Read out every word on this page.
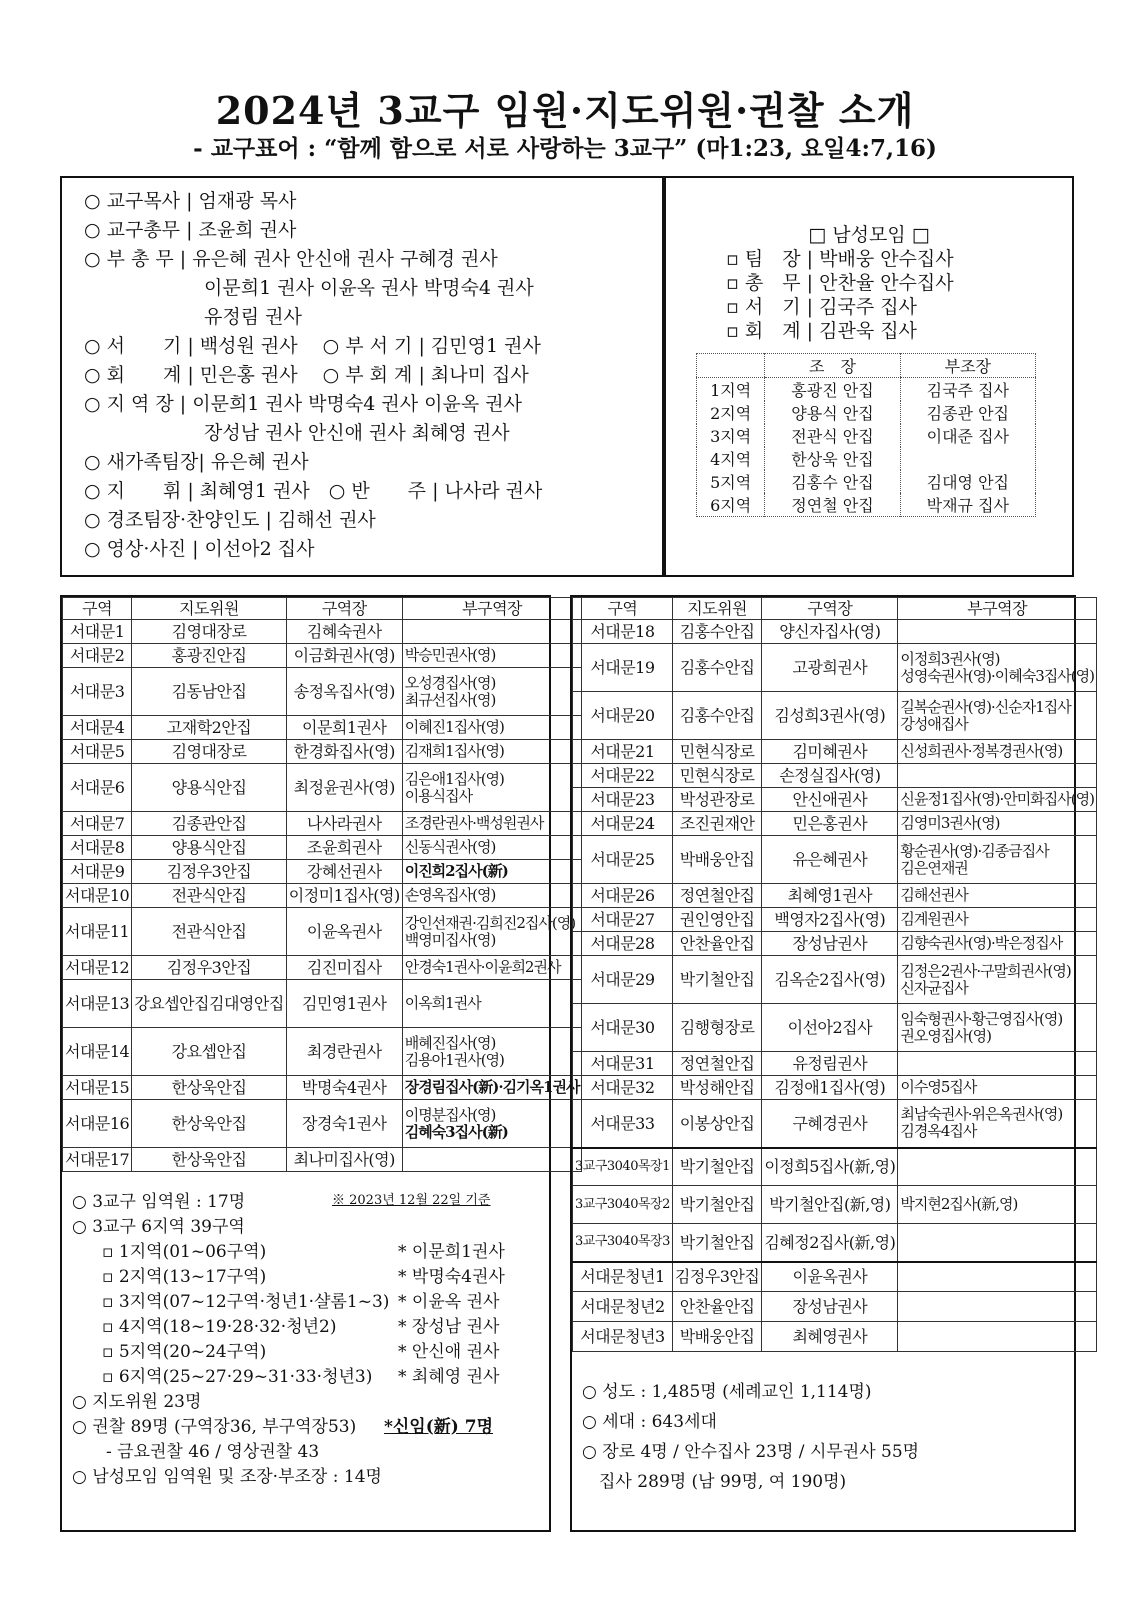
2024년 3교구 임원·지도위원·권찰 소개
- 교구표어 : “함께 함으로 서로 사랑하는 3교구” (마1:23, 요일4:7,16)
○ 교구목사 | 엄재광 목사
○ 교구총무 | 조윤희 권사
○ 부 총 무 | 유은혜 권사 안신애 권사 구혜경 권사
　　　　　　 이문희1 권사 이윤옥 권사 박명숙4 권사
　　　　　　 유정림 권사
○ 서　　기 | 백성원 권사　 ○ 부 서 기 | 김민영1 권사
○ 회　　계 | 민은홍 권사　 ○ 부 회 계 | 최나미 집사
○ 지 역 장 | 이문희1 권사 박명숙4 권사 이윤옥 권사
　　　　　　 장성남 권사 안신애 권사 최혜영 권사
○ 새가족팀장| 유은혜 권사
○ 지　　휘 | 최혜영1 권사　○ 반　　주 | 나사라 권사
○ 경조팀장·찬양인도 | 김해선 권사
○ 영상·사진 | 이선아2 집사
□ 남성모임 □
▫ 팀　장 | 박배웅 안수집사
▫ 총　무 | 안찬율 안수집사
▫ 서　기 | 김국주 집사
▫ 회　계 | 김관욱 집사
	조　장	부조장
1지역	홍광진 안집	김국주 집사
2지역	양용식 안집	김종관 안집
3지역	전관식 안집	이대준 집사
4지역	한상욱 안집	
5지역	김홍수 안집	김대영 안집
6지역	정연철 안집	박재규 집사
구역	지도위원	구역장	부구역장
서대문1	김영대장로	김혜숙권사	
서대문2	홍광진안집	이금화권사(영)	박승민권사(영)

서대문3	김동남안집	송정옥집사(영)	오성경집사(영)
최규선집사(영)

서대문4	고재학2안집	이문희1권사	이혜진1집사(영)

서대문5	김영대장로	한경화집사(영)	김재희1집사(영)

서대문6	양용식안집	최정윤권사(영)	김은애1집사(영)
이용식집사

서대문7	김종관안집	나사라권사	조경란권사·백성원권사

서대문8	양용식안집	조윤희권사	신동식권사(영)

서대문9	김정우3안집	강혜선권사	이진희2집사(新)

서대문10	전관식안집	이정미1집사(영)	손영옥집사(영)

서대문11	전관식안집	이윤옥권사	강인선재권·김희진2집사(영)
백영미집사(영)

서대문12	김정우3안집	김진미집사	안경숙1권사·이윤희2권사

서대문13	강요셉안집김대영안집	김민영1권사	이옥희1권사

서대문14	강요셉안집	최경란권사	배혜진집사(영)
김용아1권사(영)

서대문15	한상욱안집	박명숙4권사	장경림집사(新)·김기옥1권사

서대문16	한상욱안집	장경숙1권사	이명분집사(영)
김혜숙3집사(新)

서대문17	한상욱안집	최나미집사(영)	
○ 3교구 임역원 : 17명	※ 2023년 12월 22일 기준
○ 3교구 6지역 39구역
▫ 1지역(01~06구역)	* 이문희1권사
▫ 2지역(13~17구역)	* 박명숙4권사
▫ 3지역(07~12구역·청년1·샬롬1~3) * 이윤옥 권사
▫ 4지역(18~19·28·32·청년2)	* 장성남 권사
▫ 5지역(20~24구역)	* 안신애 권사
▫ 6지역(25~27·29~31·33·청년3) * 최혜영 권사
○ 지도위원 23명
○ 권찰 89명 (구역장36, 부구역장53) *신임(新) 7명
- 금요권찰 46 / 영상권찰 43
○ 남성모임 임역원 및 조장·부조장 : 14명
구역	지도위원	구역장	부구역장
서대문18	김홍수안집	양신자집사(영)	
서대문19	김홍수안집	고광희권사	이정희3권사(영)
성영숙권사(영)·이혜숙3집사(영)

서대문20	김홍수안집	김성희3권사(영)	길복순권사(영)·신순자1집사
강성애집사

서대문21	민현식장로	김미혜권사	신성희권사·정복경권사(영)

서대문22	민현식장로	손정실집사(영)	
서대문23	박성관장로	안신애권사	신윤정1집사(영)·안미화집사(영)

서대문24	조진권재안	민은홍권사	김영미3권사(영)

서대문25	박배웅안집	유은혜권사	황순권사(영)·김종금집사
김은연재권

서대문26	정연철안집	최혜영1권사	김해선권사

서대문27	권인영안집	백영자2집사(영)	김계원권사

서대문28	안찬율안집	장성남권사	김향숙권사(영)·박은정집사

서대문29	박기철안집	김옥순2집사(영)	김정은2권사·구말희권사(영)
신자균집사

서대문30	김행형장로	이선아2집사	임숙형권사·황근영집사(영)
권오영집사(영)

서대문31	정연철안집	유정림권사	
서대문32	박성해안집	김정애1집사(영)	이수영5집사

서대문33	이봉상안집	구혜경권사	최남숙권사·위은옥권사(영)
김경옥4집사

3교구3040목장1	박기철안집	이정희5집사(新,영)	
3교구3040목장2	박기철안집	박기철안집(新,영)	박지현2집사(新,영)
3교구3040목장3	박기철안집	김혜정2집사(新,영)	
서대문청년1	김정우3안집	이윤옥권사	
서대문청년2	안찬율안집	장성남권사	
서대문청년3	박배웅안집	최혜영권사	
○ 성도 : 1,485명 (세례교인 1,114명)
○ 세대 : 643세대
○ 장로 4명 / 안수집사 23명 / 시무권사 55명
　집사 289명 (남 99명, 여 190명)
